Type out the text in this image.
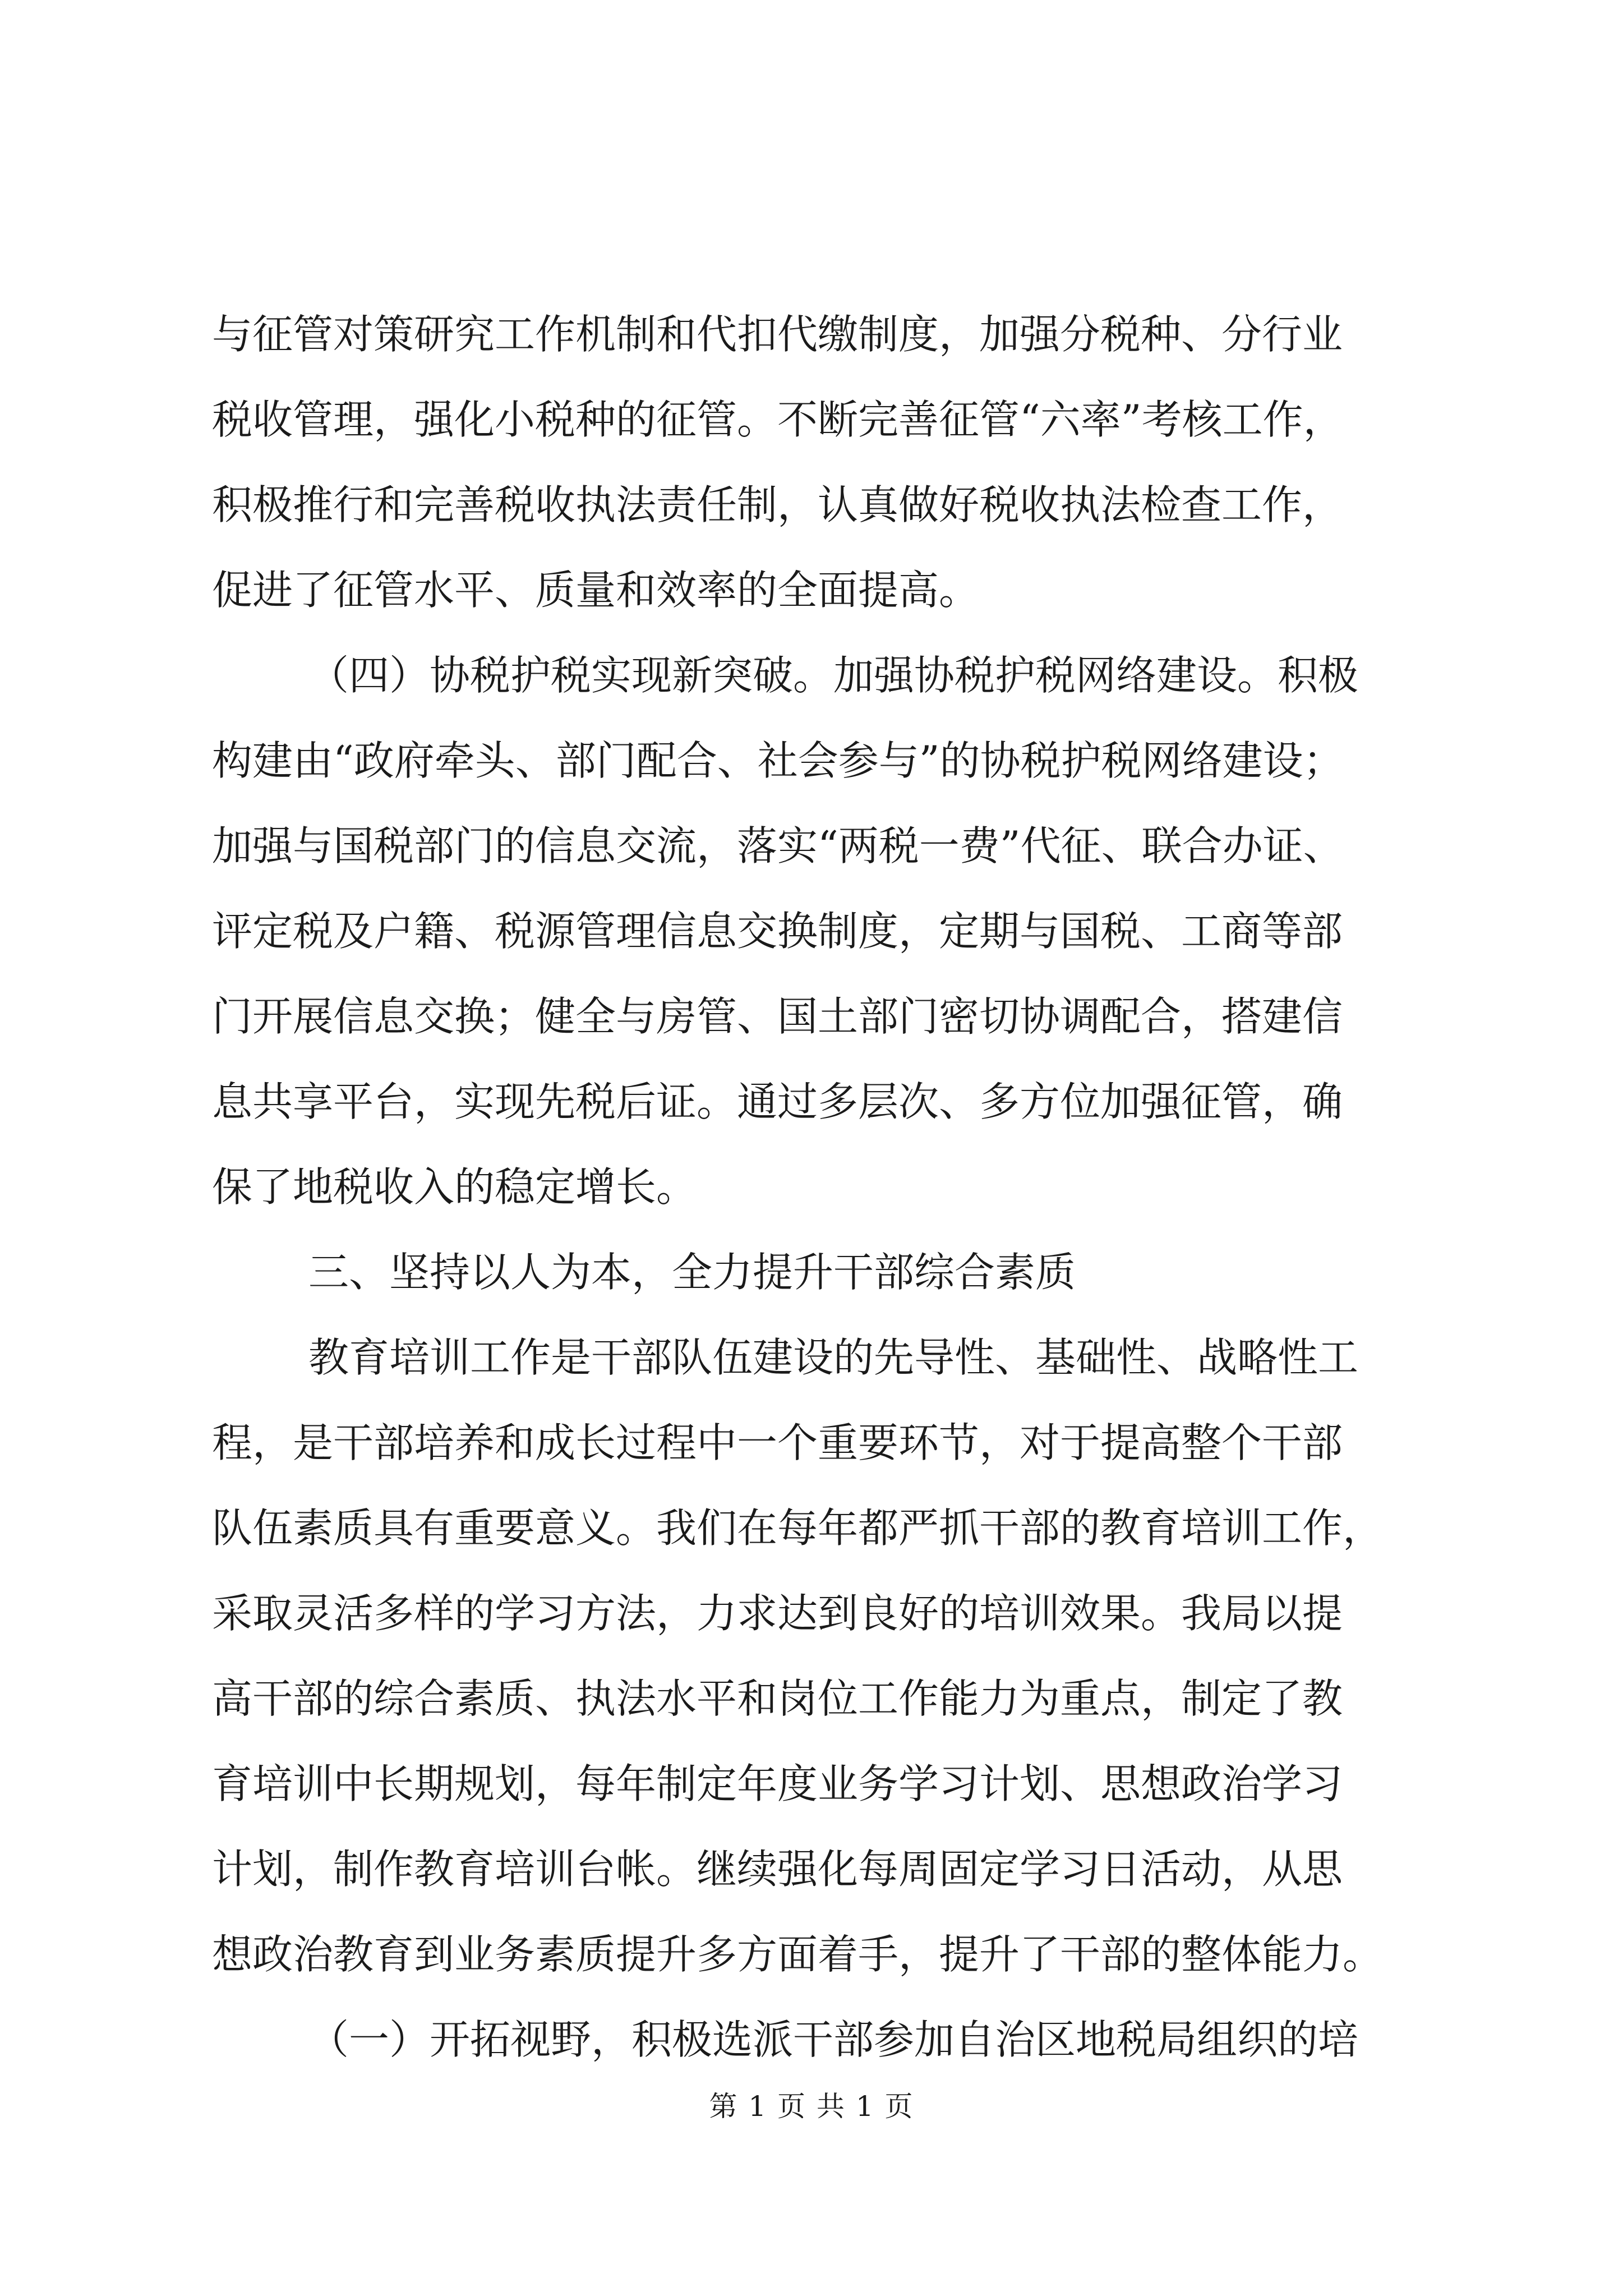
与征管对策研究工作机制和代扣代缴制度，加强分税种、分行业
税收管理，强化小税种的征管。不断完善征管“六率”考核工作，
积极推行和完善税收执法责任制，认真做好税收执法检查工作，
促进了征管水平、质量和效率的全面提高。
（四）协税护税实现新突破。加强协税护税网络建设。积极
构建由“政府牵头、部门配合、社会参与”的协税护税网络建设；
加强与国税部门的信息交流，落实“两税一费”代征、联合办证、
评定税及户籍、税源管理信息交换制度，定期与国税、工商等部
门开展信息交换；健全与房管、国土部门密切协调配合，搭建信
息共享平台，实现先税后证。通过多层次、多方位加强征管，确
保了地税收入的稳定增长。
三、坚持以人为本，全力提升干部综合素质
教育培训工作是干部队伍建设的先导性、基础性、战略性工
程，是干部培养和成长过程中一个重要环节，对于提高整个干部
队伍素质具有重要意义。我们在每年都严抓干部的教育培训工作，
采取灵活多样的学习方法，力求达到良好的培训效果。我局以提
高干部的综合素质、执法水平和岗位工作能力为重点，制定了教
育培训中长期规划，每年制定年度业务学习计划、思想政治学习
计划，制作教育培训台帐。继续强化每周固定学习日活动，从思
想政治教育到业务素质提升多方面着手，提升了干部的整体能力。
（一）开拓视野，积极选派干部参加自治区地税局组织的培
第 1 页 共 1 页
